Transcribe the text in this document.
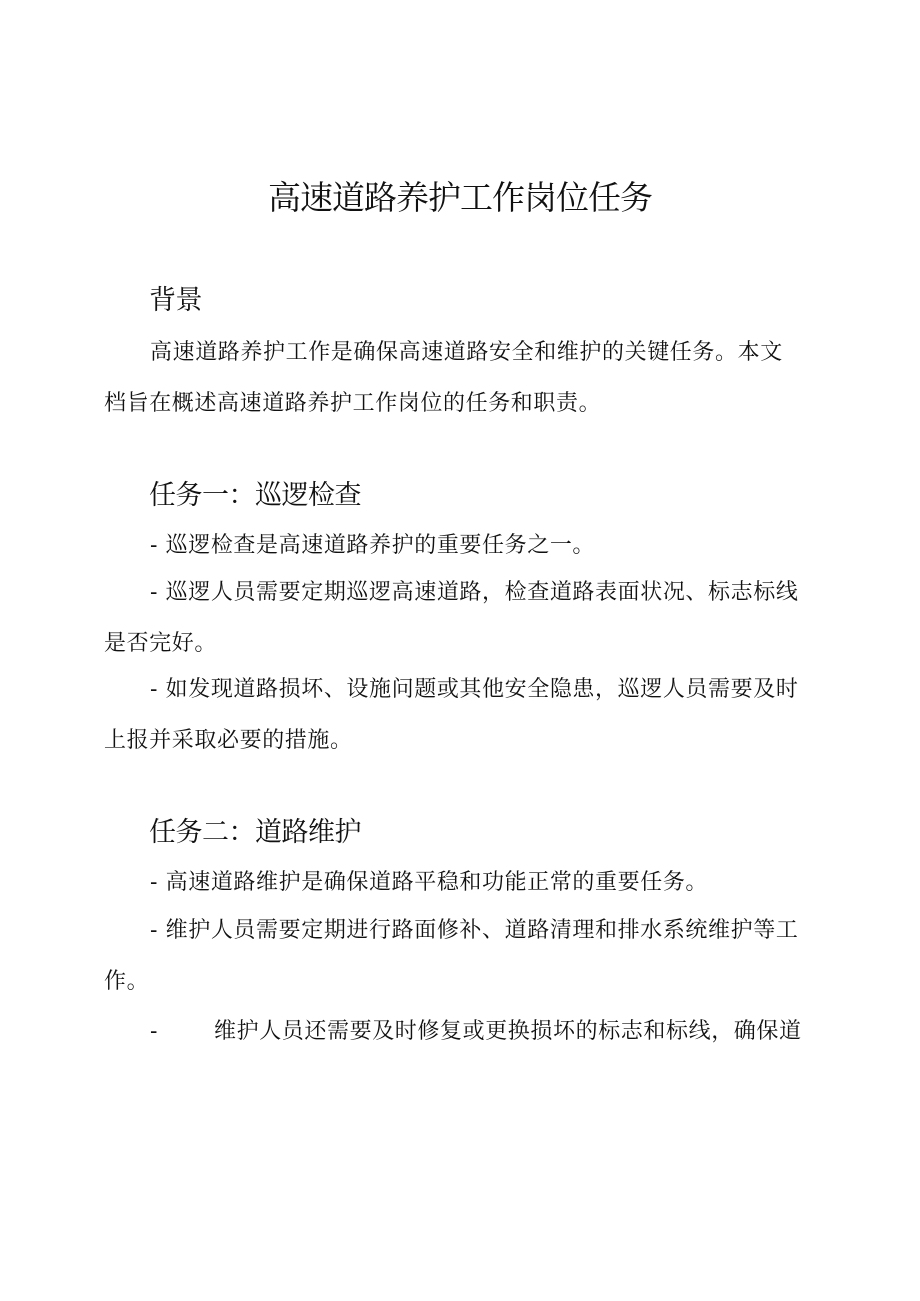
高速道路养护工作岗位任务
背景

高速道路养护工作是确保高速道路安全和维护的关键任务。本文档旨在概述高速道路养护工作岗位的任务和职责。

任务一：巡逻检查

- 巡逻检查是高速道路养护的重要任务之一。

- 巡逻人员需要定期巡逻高速道路，检查道路表面状况、标志标线是否完好。

- 如发现道路损坏、设施问题或其他安全隐患，巡逻人员需要及时上报并采取必要的措施。

任务二：道路维护

- 高速道路维护是确保道路平稳和功能正常的重要任务。

- 维护人员需要定期进行路面修补、道路清理和排水系统维护等工作。

-	维护人员还需要及时修复或更换损坏的标志和标线，确保道
